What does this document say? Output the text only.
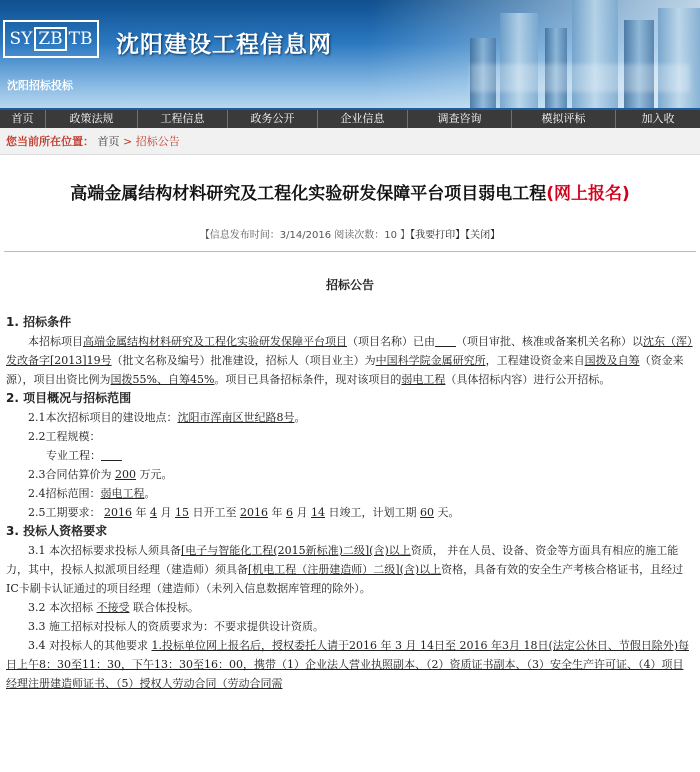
SY ZB TB 沈阳建设工程信息网
沈阳招标投标
首页	政策法规	工程信息	政务公开	企业信息	调查咨询	模拟评标	加入收
您当前所在位置： 首页 > 招标公告
高端金属结构材料研究及工程化实验研发保障平台项目弱电工程(网上报名)
【信息发布时间：3/14/2016 阅读次数：10 】【我要打印】【关闭】
招标公告
1. 招标条件
本招标项目高端金属结构材料研究及工程化实验研发保障平台项目（项目名称）已由 （项目审批、核准或备案机关名称）以沈东（浑）发改备字[2013]19号（批文名称及编号）批准建设，招标人（项目业主）为中国科学院金属研究所，工程建设资金来自国拨及自筹（资金来源），项目出资比例为国拨55%、自筹45%。项目已具备招标条件，现对该项目的弱电工程（具体招标内容）进行公开招标。
2. 项目概况与招标范围
2.1本次招标项目的建设地点：沈阳市浑南区世纪路8号。
2.2工程规模：
专业工程：
2.3合同估算价为 200 万元。
2.4招标范围：弱电工程。
2.5工期要求： 2016 年 4 月 15 日开工至 2016 年 6 月 14 日竣工，计划工期 60 天。
3. 投标人资格要求
3.1 本次招标要求投标人须具备[电子与智能化工程(2015新标准)二级](含)以上资质， 并在人员、设备、资金等方面具有相应的施工能力，其中，投标人拟派项目经理（建造师）须具备[机电工程（注册建造师）二级](含)以上资格，具备有效的安全生产考核合格证书，且经过IC卡刷卡认证通过的项目经理（建造师）（未列入信息数据库管理的除外）。
3.2 本次招标 不接受 联合体投标。
3.3 施工招标对投标人的资质要求为：不要求提供设计资质。
3.4 对投标人的其他要求 1.投标单位网上报名后，授权委托人请于2016 年 3 月 14日至 2016 年3月 18日(法定公休日、节假日除外)每日上午8：30至11：30，下午13：30至16：00，携带（1）企业法人营业执照副本、（2）资质证书副本、（3）安全生产许可证、（4）项目经理注册建造师证书、（5）授权人劳动合同（劳动合同需
